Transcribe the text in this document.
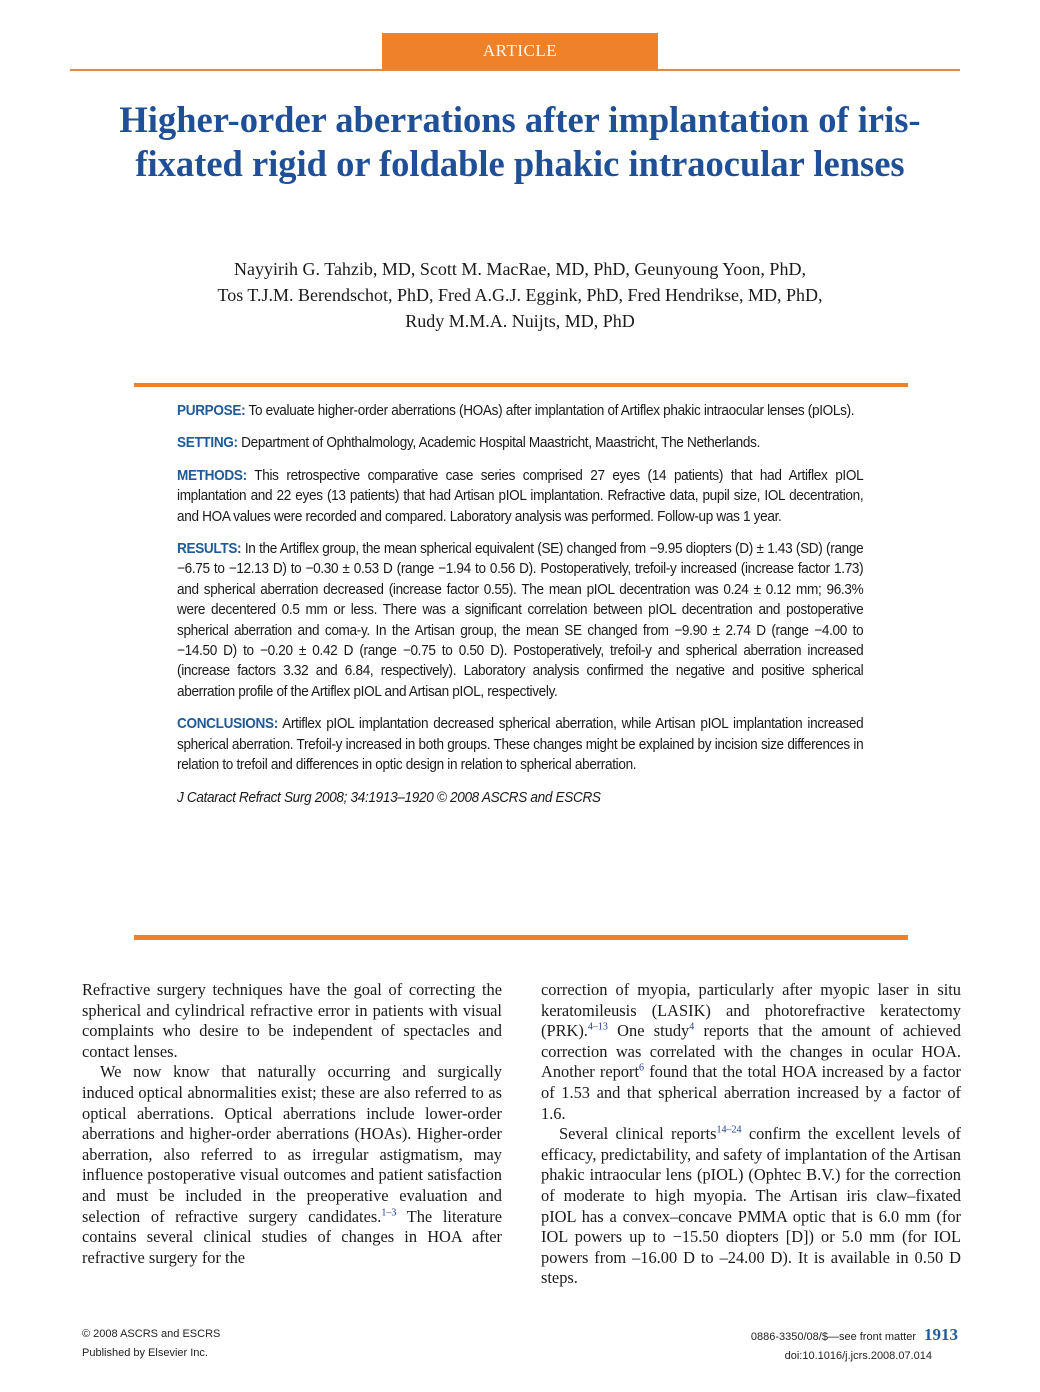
ARTICLE
Higher-order aberrations after implantation of iris-fixated rigid or foldable phakic intraocular lenses
Nayyirih G. Tahzib, MD, Scott M. MacRae, MD, PhD, Geunyoung Yoon, PhD,
Tos T.J.M. Berendschot, PhD, Fred A.G.J. Eggink, PhD, Fred Hendrikse, MD, PhD,
Rudy M.M.A. Nuijts, MD, PhD

PURPOSE: To evaluate higher-order aberrations (HOAs) after implantation of Artiflex phakic intraocular lenses (pIOLs).

SETTING: Department of Ophthalmology, Academic Hospital Maastricht, Maastricht, The Netherlands.

METHODS: This retrospective comparative case series comprised 27 eyes (14 patients) that had Artiflex pIOL implantation and 22 eyes (13 patients) that had Artisan pIOL implantation. Refractive data, pupil size, IOL decentration, and HOA values were recorded and compared. Laboratory analysis was performed. Follow-up was 1 year.

RESULTS: In the Artiflex group, the mean spherical equivalent (SE) changed from −9.95 diopters (D) ± 1.43 (SD) (range −6.75 to −12.13 D) to −0.30 ± 0.53 D (range −1.94 to 0.56 D). Postoperatively, trefoil-y increased (increase factor 1.73) and spherical aberration decreased (increase factor 0.55). The mean pIOL decentration was 0.24 ± 0.12 mm; 96.3% were decentered 0.5 mm or less. There was a significant correlation between pIOL decentration and postoperative spherical aberration and coma-y. In the Artisan group, the mean SE changed from −9.90 ± 2.74 D (range −4.00 to −14.50 D) to −0.20 ± 0.42 D (range −0.75 to 0.50 D). Postoperatively, trefoil-y and spherical aberration increased (increase factors 3.32 and 6.84, respectively). Laboratory analysis confirmed the negative and positive spherical aberration profile of the Artiflex pIOL and Artisan pIOL, respectively.

CONCLUSIONS: Artiflex pIOL implantation decreased spherical aberration, while Artisan pIOL implantation increased spherical aberration. Trefoil-y increased in both groups. These changes might be explained by incision size differences in relation to trefoil and differences in optic design in relation to spherical aberration.

J Cataract Refract Surg 2008; 34:1913–1920 © 2008 ASCRS and ESCRS

Refractive surgery techniques have the goal of correcting the spherical and cylindrical refractive error in patients with visual complaints who desire to be independent of spectacles and contact lenses.

We now know that naturally occurring and surgically induced optical abnormalities exist; these are also referred to as optical aberrations. Optical aberrations include lower-order aberrations and higher-order aberrations (HOAs). Higher-order aberration, also referred to as irregular astigmatism, may influence postoperative visual outcomes and patient satisfaction and must be included in the preoperative evaluation and selection of refractive surgery candidates.$^{1-3}$ The literature contains several clinical studies of changes in HOA after refractive surgery for the

correction of myopia, particularly after myopic laser in situ keratomileusis (LASIK) and photorefractive keratectomy (PRK).$^{4-13}$ One study$^4$ reports that the amount of achieved correction was correlated with the changes in ocular HOA. Another report$^6$ found that the total HOA increased by a factor of 1.53 and that spherical aberration increased by a factor of 1.6.

Several clinical reports$^{14-24}$ confirm the excellent levels of efficacy, predictability, and safety of implantation of the Artisan phakic intraocular lens (pIOL) (Ophtec B.V.) for the correction of moderate to high myopia. The Artisan iris claw–fixated pIOL has a convex–concave PMMA optic that is 6.0 mm (for IOL powers up to −15.50 diopters [D]) or 5.0 mm (for IOL powers from –16.00 D to –24.00 D). It is available in 0.50 D steps.

© 2008 ASCRS and ESCRS
Published by Elsevier Inc.
0886-3350/08/$—see front matter 1913
doi:10.1016/j.jcrs.2008.07.014
